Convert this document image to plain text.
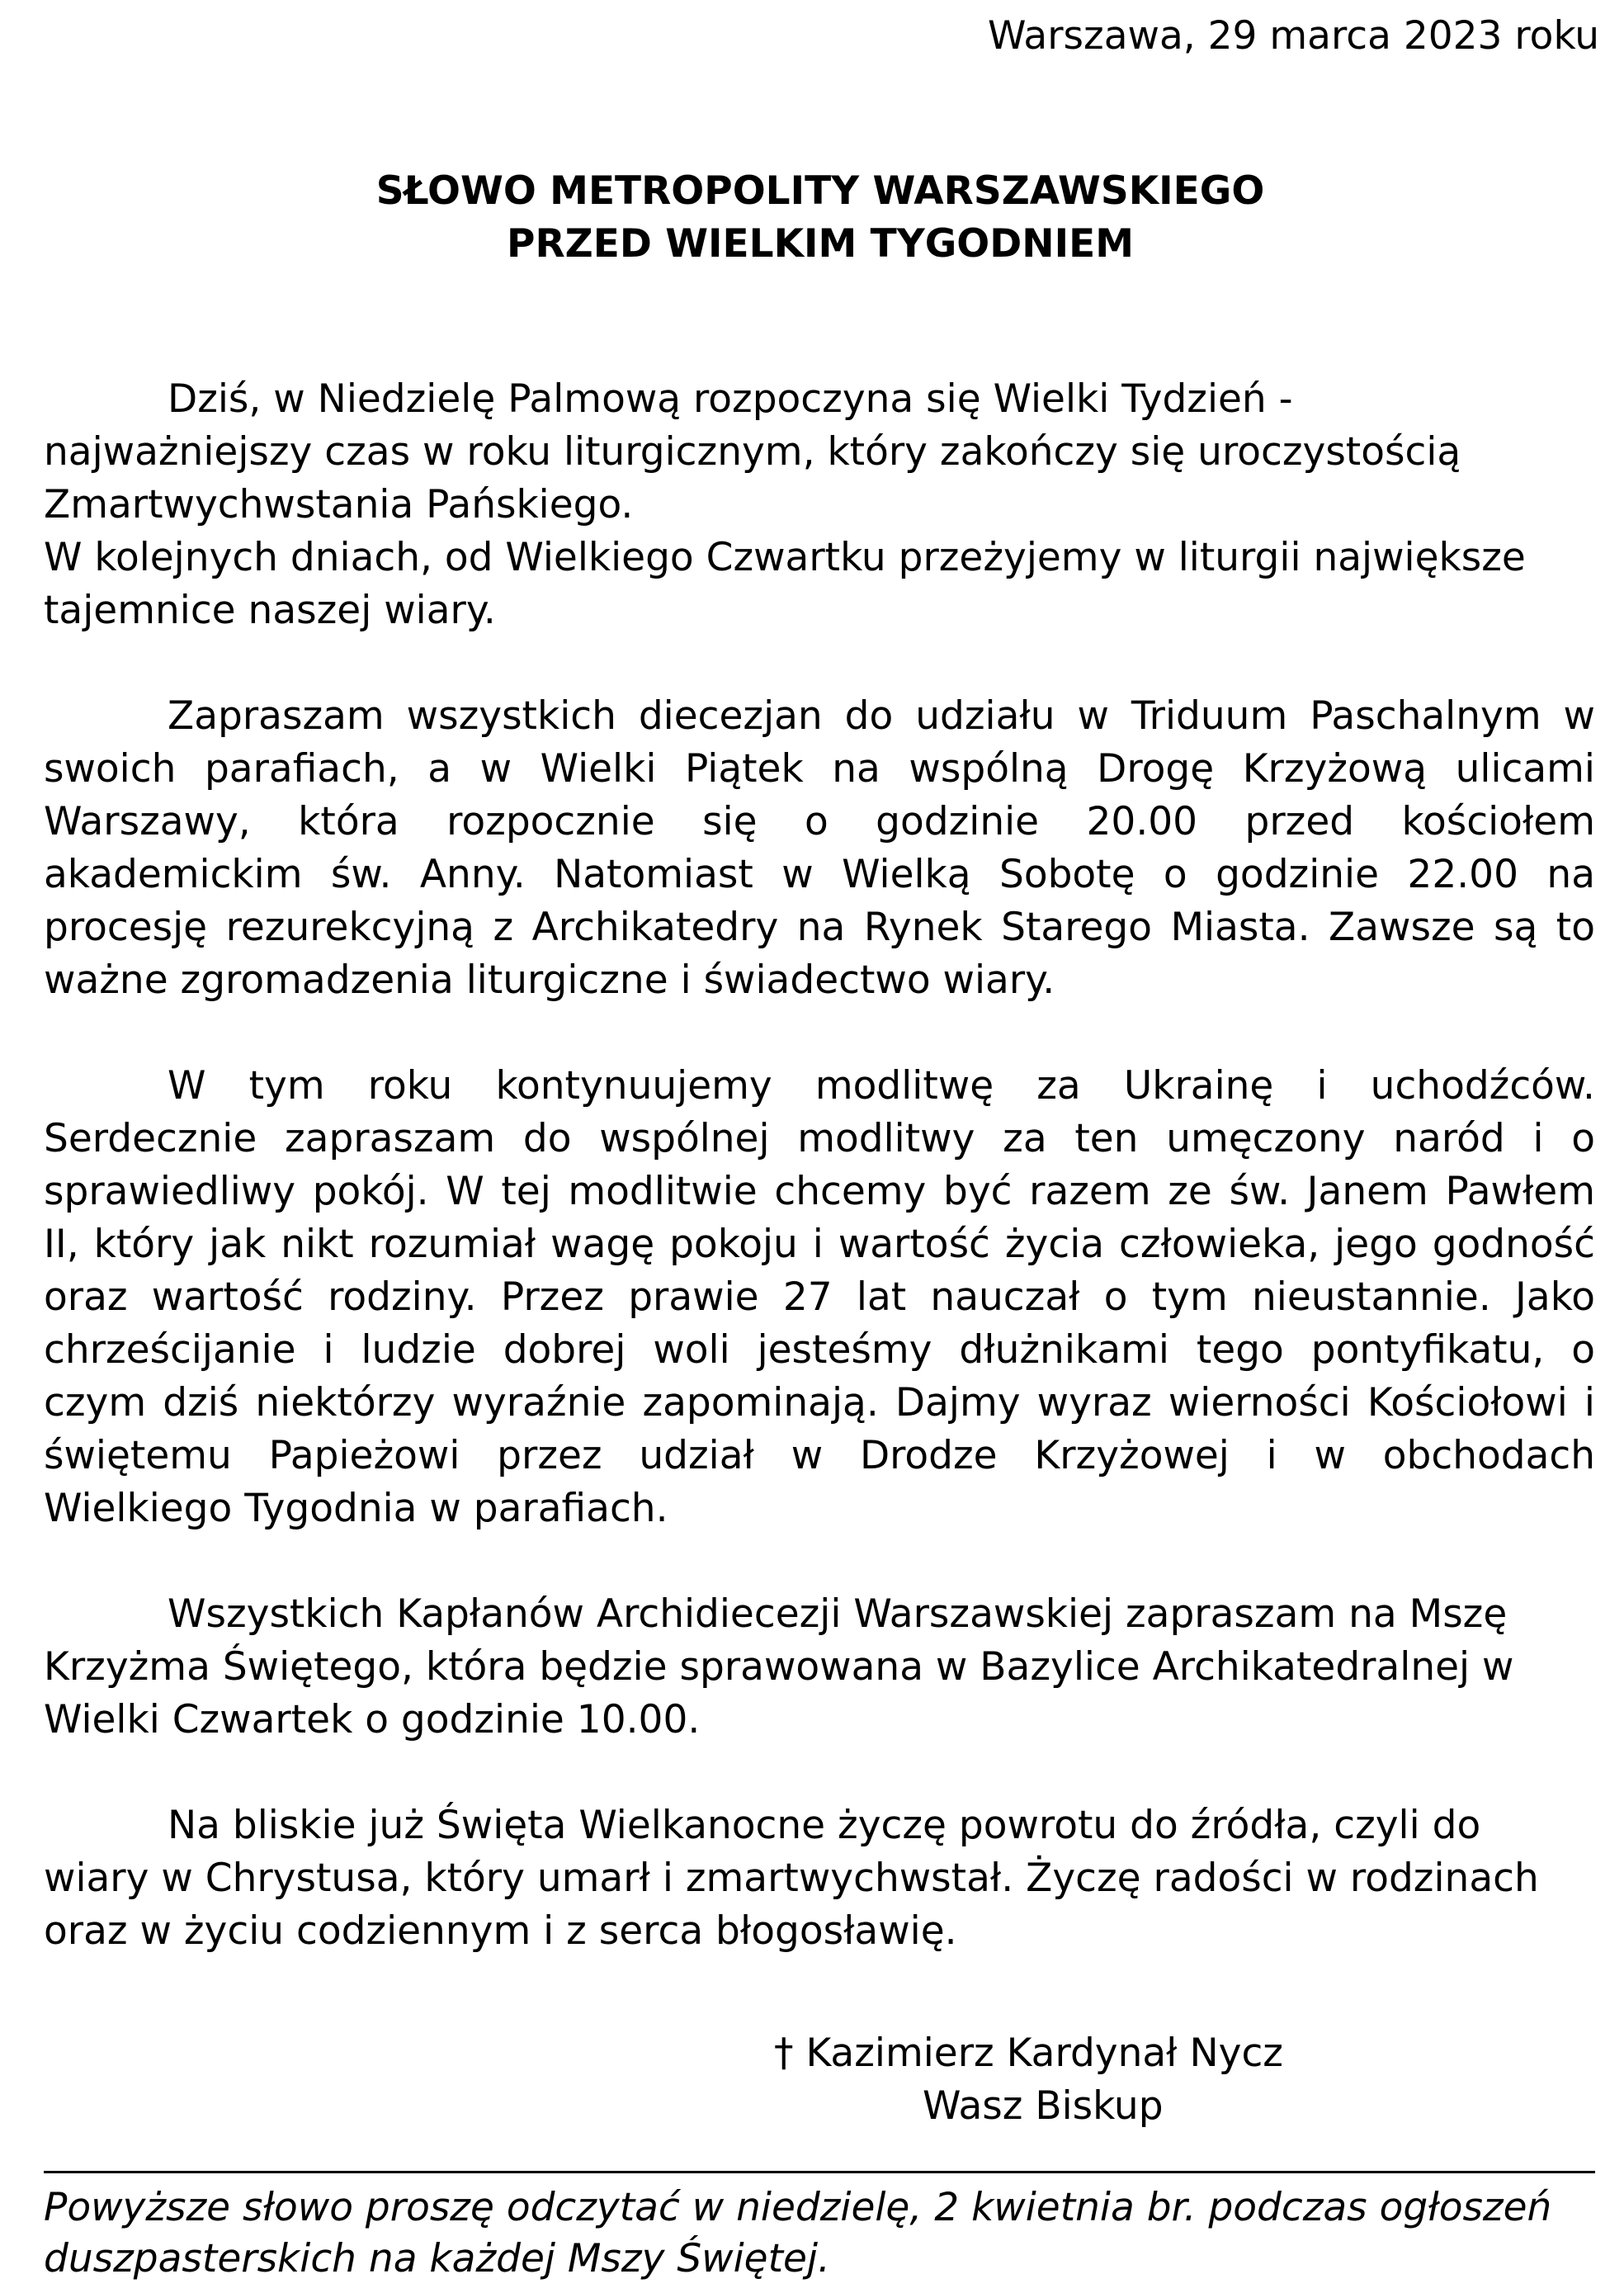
Warszawa, 29 marca 2023 roku
SŁOWO METROPOLITY WARSZAWSKIEGO
PRZED WIELKIM TYGODNIEM
Dziś, w Niedzielę Palmową rozpoczyna się Wielki Tydzień -
najważniejszy czas w roku liturgicznym, który zakończy się uroczystością
Zmartwychwstania Pańskiego.
W kolejnych dniach, od Wielkiego Czwartku przeżyjemy w liturgii największe
tajemnice naszej wiary.
Zapraszam wszystkich diecezjan do udziału w Triduum Paschalnym w
swoich parafiach, a w Wielki Piątek na wspólną Drogę Krzyżową ulicami
Warszawy, która rozpocznie się o godzinie 20.00 przed kościołem
akademickim św. Anny. Natomiast w Wielką Sobotę o godzinie 22.00 na
procesję rezurekcyjną z Archikatedry na Rynek Starego Miasta. Zawsze są to
ważne zgromadzenia liturgiczne i świadectwo wiary.
W tym roku kontynuujemy modlitwę za Ukrainę i uchodźców.
Serdecznie zapraszam do wspólnej modlitwy za ten umęczony naród i o
sprawiedliwy pokój. W tej modlitwie chcemy być razem ze św. Janem Pawłem
II, który jak nikt rozumiał wagę pokoju i wartość życia człowieka, jego godność
oraz wartość rodziny. Przez prawie 27 lat nauczał o tym nieustannie. Jako
chrześcijanie i ludzie dobrej woli jesteśmy dłużnikami tego pontyfikatu, o
czym dziś niektórzy wyraźnie zapominają. Dajmy wyraz wierności Kościołowi i
świętemu Papieżowi przez udział w Drodze Krzyżowej i w obchodach
Wielkiego Tygodnia w parafiach.
Wszystkich Kapłanów Archidiecezji Warszawskiej zapraszam na Mszę
Krzyżma Świętego, która będzie sprawowana w Bazylice Archikatedralnej w
Wielki Czwartek o godzinie 10.00.
Na bliskie już Święta Wielkanocne życzę powrotu do źródła, czyli do
wiary w Chrystusa, który umarł i zmartwychwstał. Życzę radości w rodzinach
oraz w życiu codziennym i z serca błogosławię.
† Kazimierz Kardynał Nycz
Wasz Biskup
Powyższe słowo proszę odczytać w niedzielę, 2 kwietnia br. podczas ogłoszeń
duszpasterskich na każdej Mszy Świętej.
